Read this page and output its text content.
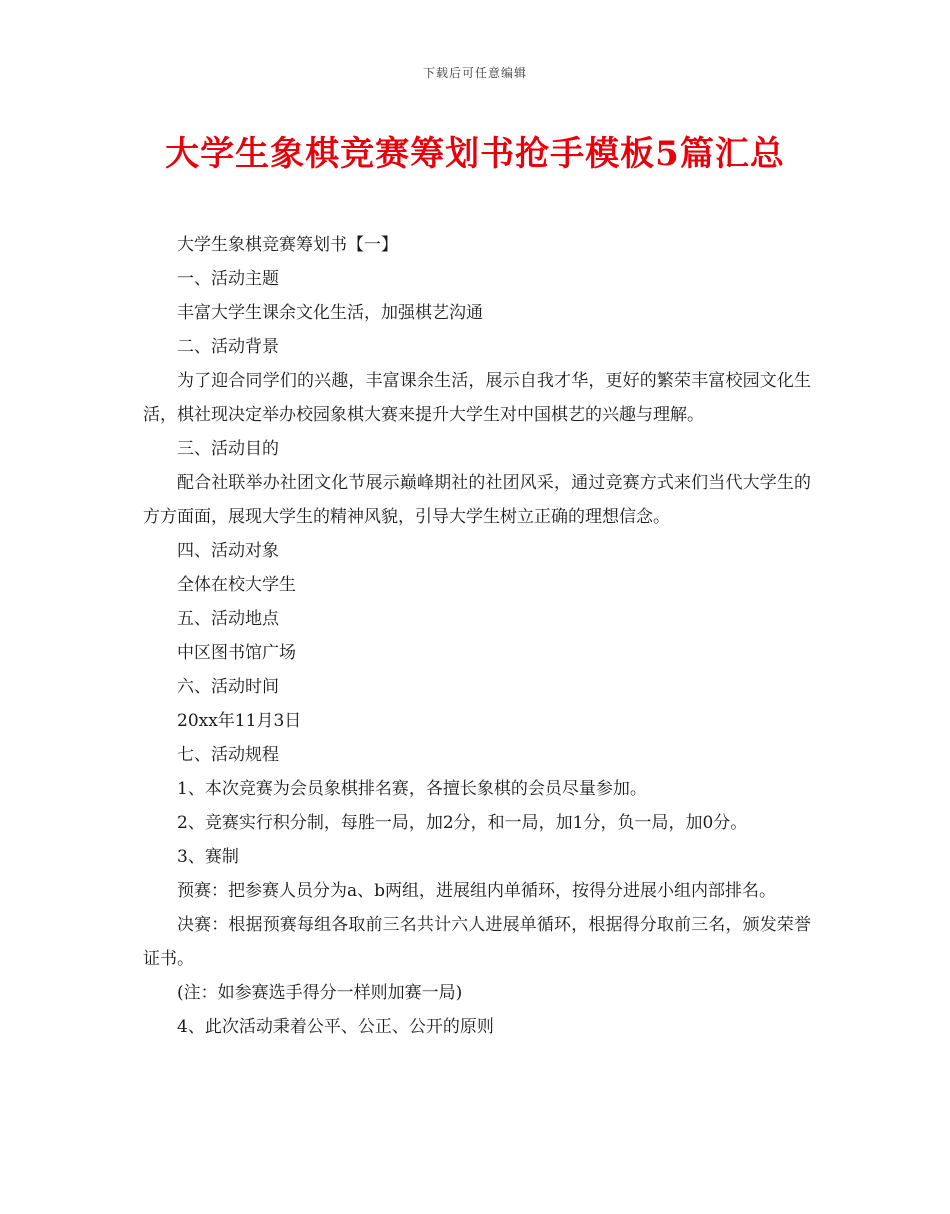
下载后可任意编辑
大学生象棋竞赛筹划书抢手模板5篇汇总

大学生象棋竞赛筹划书【一】

一、活动主题

丰富大学生课余文化生活，加强棋艺沟通

二、活动背景

为了迎合同学们的兴趣，丰富课余生活，展示自我才华，更好的繁荣丰富校园文化生活，棋社现决定举办校园象棋大赛来提升大学生对中国棋艺的兴趣与理解。

三、活动目的

配合社联举办社团文化节展示巅峰期社的社团风采，通过竞赛方式来们当代大学生的方方面面，展现大学生的精神风貌，引导大学生树立正确的理想信念。

四、活动对象

全体在校大学生

五、活动地点

中区图书馆广场

六、活动时间

20xx年11月3日

七、活动规程

1、本次竞赛为会员象棋排名赛，各擅长象棋的会员尽量参加。

2、竞赛实行积分制，每胜一局，加2分，和一局，加1分，负一局，加0分。

3、赛制

预赛：把参赛人员分为a、b两组，进展组内单循环，按得分进展小组内部排名。

决赛：根据预赛每组各取前三名共计六人进展单循环，根据得分取前三名，颁发荣誉证书。

(注：如参赛选手得分一样则加赛一局)

4、此次活动秉着公平、公正、公开的原则
